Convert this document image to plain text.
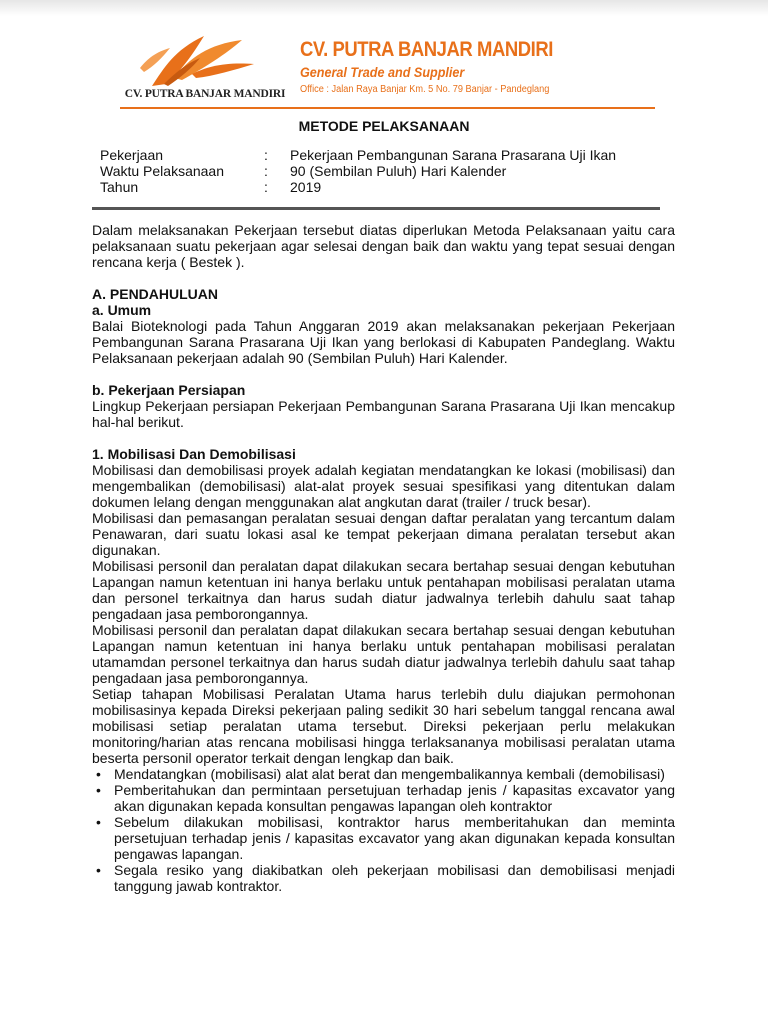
CV. PUTRA BANJAR MANDIRI
CV. PUTRA BANJAR MANDIRI
General Trade and Supplier
Office : Jalan Raya Banjar Km. 5 No. 79 Banjar - Pandeglang
METODE PELAKSANAAN
Pekerjaan	:	Pekerjaan Pembangunan Sarana Prasarana Uji Ikan
Waktu Pelaksanaan	:	90 (Sembilan Puluh) Hari Kalender
Tahun	:	2019

Dalam melaksanakan Pekerjaan tersebut diatas diperlukan Metoda Pelaksanaan yaitu cara pelaksanaan suatu pekerjaan agar selesai dengan baik dan waktu yang tepat sesuai dengan rencana kerja ( Bestek ).

A. PENDAHULUAN

a. Umum

Balai Bioteknologi pada Tahun Anggaran 2019 akan melaksanakan pekerjaan Pekerjaan Pembangunan Sarana Prasarana Uji Ikan yang berlokasi di Kabupaten Pandeglang. Waktu Pelaksanaan pekerjaan adalah 90 (Sembilan Puluh) Hari Kalender.

b. Pekerjaan Persiapan

Lingkup Pekerjaan persiapan Pekerjaan Pembangunan Sarana Prasarana Uji Ikan mencakup hal-hal berikut.

1. Mobilisasi Dan Demobilisasi

Mobilisasi dan demobilisasi proyek adalah kegiatan mendatangkan ke lokasi (mobilisasi) dan mengembalikan (demobilisasi) alat-alat proyek sesuai spesifikasi yang ditentukan dalam dokumen lelang dengan menggunakan alat angkutan darat (trailer / truck besar).

Mobilisasi dan pemasangan peralatan sesuai dengan daftar peralatan yang tercantum dalam Penawaran, dari suatu lokasi asal ke tempat pekerjaan dimana peralatan tersebut akan digunakan.

Mobilisasi personil dan peralatan dapat dilakukan secara bertahap sesuai dengan kebutuhan Lapangan namun ketentuan ini hanya berlaku untuk pentahapan mobilisasi peralatan utama dan personel terkaitnya dan harus sudah diatur jadwalnya terlebih dahulu saat tahap pengadaan jasa pemborongannya.

Mobilisasi personil dan peralatan dapat dilakukan secara bertahap sesuai dengan kebutuhan Lapangan namun ketentuan ini hanya berlaku untuk pentahapan mobilisasi peralatan utamamdan personel terkaitnya dan harus sudah diatur jadwalnya terlebih dahulu saat tahap pengadaan jasa pemborongannya.

Setiap tahapan Mobilisasi Peralatan Utama harus terlebih dulu diajukan permohonan mobilisasinya kepada Direksi pekerjaan paling sedikit 30 hari sebelum tanggal rencana awal mobilisasi setiap peralatan utama tersebut. Direksi pekerjaan perlu melakukan monitoring/harian atas rencana mobilisasi hingga terlaksananya mobilisasi peralatan utama beserta personil operator terkait dengan lengkap dan baik.

• Mendatangkan (mobilisasi) alat alat berat dan mengembalikannya kembali (demobilisasi)
• Pemberitahukan dan permintaan persetujuan terhadap jenis / kapasitas excavator yang akan digunakan kepada konsultan pengawas lapangan oleh kontraktor
• Sebelum dilakukan mobilisasi, kontraktor harus memberitahukan dan meminta persetujuan terhadap jenis / kapasitas excavator yang akan digunakan kepada konsultan pengawas lapangan.
• Segala resiko yang diakibatkan oleh pekerjaan mobilisasi dan demobilisasi menjadi tanggung jawab kontraktor.
